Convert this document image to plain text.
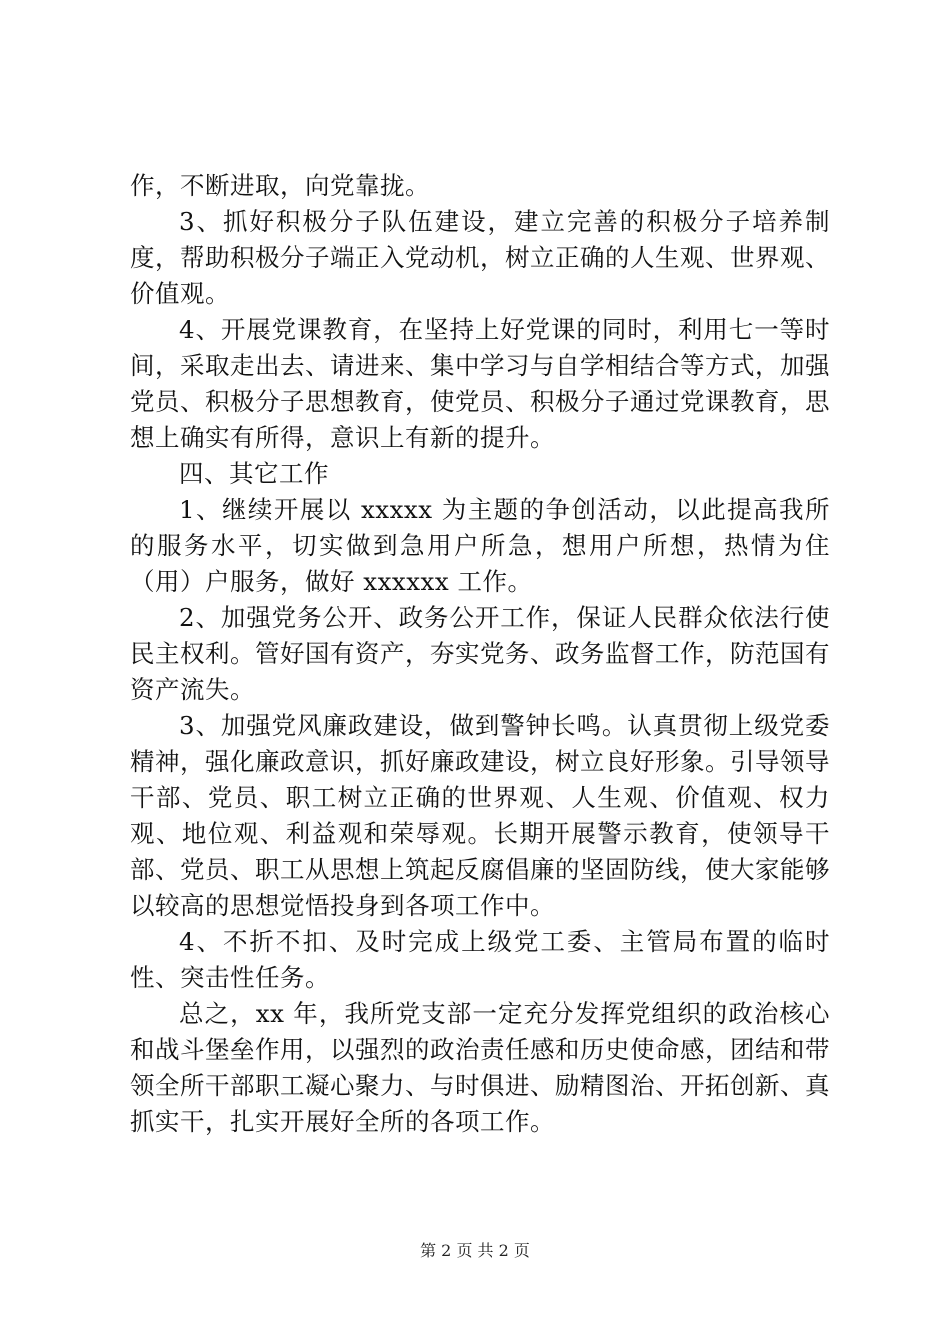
作，不断进取，向党靠拢。

3、抓好积极分子队伍建设，建立完善的积极分子培养制度，帮助积极分子端正入党动机，树立正确的人生观、世界观、价值观。

4、开展党课教育，在坚持上好党课的同时，利用七一等时间，采取走出去、请进来、集中学习与自学相结合等方式，加强党员、积极分子思想教育，使党员、积极分子通过党课教育，思想上确实有所得，意识上有新的提升。

四、其它工作

1、继续开展以 xxxxx 为主题的争创活动，以此提高我所的服务水平，切实做到急用户所急，想用户所想，热情为住（用）户服务，做好 xxxxxx 工作。

2、加强党务公开、政务公开工作，保证人民群众依法行使民主权利。管好国有资产，夯实党务、政务监督工作，防范国有资产流失。

3、加强党风廉政建设，做到警钟长鸣。认真贯彻上级党委精神，强化廉政意识，抓好廉政建设，树立良好形象。引导领导干部、党员、职工树立正确的世界观、人生观、价值观、权力观、地位观、利益观和荣辱观。长期开展警示教育，使领导干部、党员、职工从思想上筑起反腐倡廉的坚固防线，使大家能够以较高的思想觉悟投身到各项工作中。

4、不折不扣、及时完成上级党工委、主管局布置的临时性、突击性任务。

总之，xx 年，我所党支部一定充分发挥党组织的政治核心和战斗堡垒作用，以强烈的政治责任感和历史使命感，团结和带领全所干部职工凝心聚力、与时俱进、励精图治、开拓创新、真抓实干，扎实开展好全所的各项工作。

第 2 页 共 2 页
